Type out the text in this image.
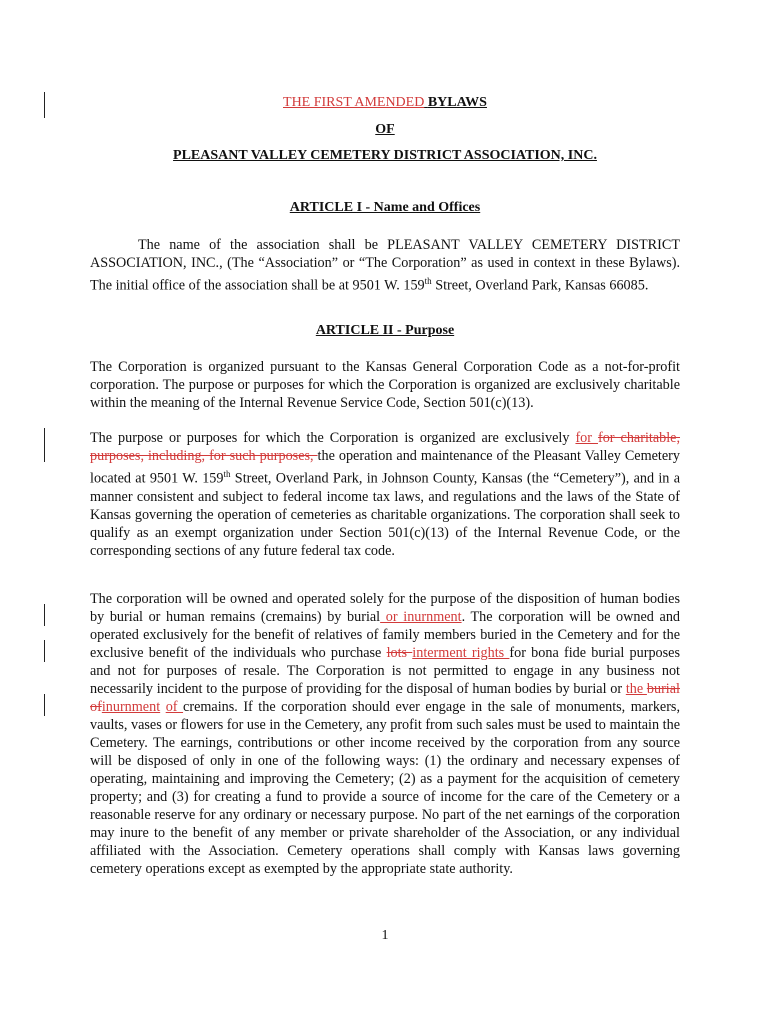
THE FIRST AMENDED BYLAWS
OF
PLEASANT VALLEY CEMETERY DISTRICT ASSOCIATION, INC.
ARTICLE I - Name and Offices
The name of the association shall be PLEASANT VALLEY CEMETERY DISTRICT ASSOCIATION, INC., (The “Association” or “The Corporation” as used in context in these Bylaws). The initial office of the association shall be at 9501 W. 159th Street, Overland Park, Kansas 66085.
ARTICLE II - Purpose
The Corporation is organized pursuant to the Kansas General Corporation Code as a not-for-profit corporation. The purpose or purposes for which the Corporation is organized are exclusively charitable within the meaning of the Internal Revenue Service Code, Section 501(c)(13).
The purpose or purposes for which the Corporation is organized are exclusively for for charitable, purposes, including, for such purposes, the operation and maintenance of the Pleasant Valley Cemetery located at 9501 W. 159th Street, Overland Park, in Johnson County, Kansas (the “Cemetery”), and in a manner consistent and subject to federal income tax laws, and regulations and the laws of the State of Kansas governing the operation of cemeteries as charitable organizations. The corporation shall seek to qualify as an exempt organization under Section 501(c)(13) of the Internal Revenue Code, or the corresponding sections of any future federal tax code.
The corporation will be owned and operated solely for the purpose of the disposition of human bodies by burial or human remains (cremains) by burial or inurnment. The corporation will be owned and operated exclusively for the benefit of relatives of family members buried in the Cemetery and for the exclusive benefit of the individuals who purchase lots interment rights for bona fide burial purposes and not for purposes of resale. The Corporation is not permitted to engage in any business not necessarily incident to the purpose of providing for the disposal of human bodies by burial or the burial ofinurnment of cremains. If the corporation should ever engage in the sale of monuments, markers, vaults, vases or flowers for use in the Cemetery, any profit from such sales must be used to maintain the Cemetery. The earnings, contributions or other income received by the corporation from any source will be disposed of only in one of the following ways: (1) the ordinary and necessary expenses of operating, maintaining and improving the Cemetery; (2) as a payment for the acquisition of cemetery property; and (3) for creating a fund to provide a source of income for the care of the Cemetery or a reasonable reserve for any ordinary or necessary purpose. No part of the net earnings of the corporation may inure to the benefit of any member or private shareholder of the Association, or any individual affiliated with the Association. Cemetery operations shall comply with Kansas laws governing cemetery operations except as exempted by the appropriate state authority.
1
